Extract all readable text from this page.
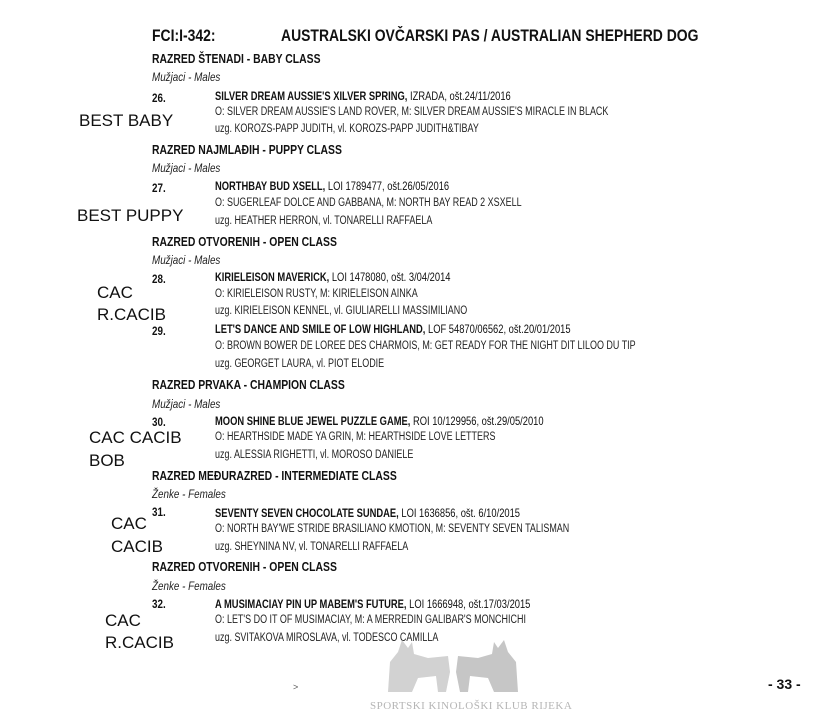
FCI:I-342:	AUSTRALSKI OVČARSKI PAS / AUSTRALIAN SHEPHERD DOG
RAZRED ŠTENADI - BABY CLASS
Mužjaci - Males
26.	SILVER DREAM AUSSIE'S XILVER SPRING, IZRADA, ošt.24/11/2016
O: SILVER DREAM AUSSIE'S LAND ROVER, M: SILVER DREAM AUSSIE'S MIRACLE IN BLACK
uzg. KOROZS-PAPP JUDITH, vl. KOROZS-PAPP JUDITH&TIBAY
BEST BABY
RAZRED NAJMLAĐIH - PUPPY CLASS
Mužjaci - Males
27.	NORTHBAY BUD XSELL, LOI 1789477, ošt.26/05/2016
O: SUGERLEAF DOLCE AND GABBANA, M: NORTH BAY READ 2 XSXELL
uzg. HEATHER HERRON, vl. TONARELLI RAFFAELA
BEST PUPPY
RAZRED OTVORENIH - OPEN CLASS
Mužjaci - Males
28.	KIRIELEISON MAVERICK, LOI 1478080, ošt. 3/04/2014
O: KIRIELEISON RUSTY, M: KIRIELEISON AINKA
uzg. KIRIELEISON KENNEL, vl. GIULIARELLI MASSIMILIANO
CAC
R.CACIB
29.	LET'S DANCE AND SMILE OF LOW HIGHLAND, LOF 54870/06562, ošt.20/01/2015
O: BROWN BOWER DE LOREE DES CHARMOIS, M: GET READY FOR THE NIGHT DIT LILOO DU TIP
uzg. GEORGET LAURA, vl. PIOT ELODIE
RAZRED PRVAKA - CHAMPION CLASS
Mužjaci - Males
30.	MOON SHINE BLUE JEWEL PUZZLE GAME, ROI 10/129956, ošt.29/05/2010
O: HEARTHSIDE MADE YA GRIN, M: HEARTHSIDE LOVE LETTERS
uzg. ALESSIA RIGHETTI, vl. MOROSO DANIELE
CAC CACIB
BOB
RAZRED MEĐURAZRED - INTERMEDIATE CLASS
Ženke - Females
31.	SEVENTY SEVEN CHOCOLATE SUNDAE, LOI 1636856, ošt. 6/10/2015
O: NORTH BAY'WE STRIDE BRASILIANO KMOTION, M: SEVENTY SEVEN TALISMAN
uzg. SHEYNINA NV, vl. TONARELLI RAFFAELA
CAC
CACIB
RAZRED OTVORENIH - OPEN CLASS
Ženke - Females
32.	A MUSIMACIAY PIN UP MABEM'S FUTURE, LOI 1666948, ošt.17/03/2015
O: LET'S DO IT OF MUSIMACIAY, M: A MERREDIN GALIBAR'S MONCHICHI
uzg. SVITAKOVA MIROSLAVA, vl. TODESCO CAMILLA
CAC
R.CACIB
SPORTSKI KINOLOŠKI KLUB RIJEKA
˃	- 33 -
